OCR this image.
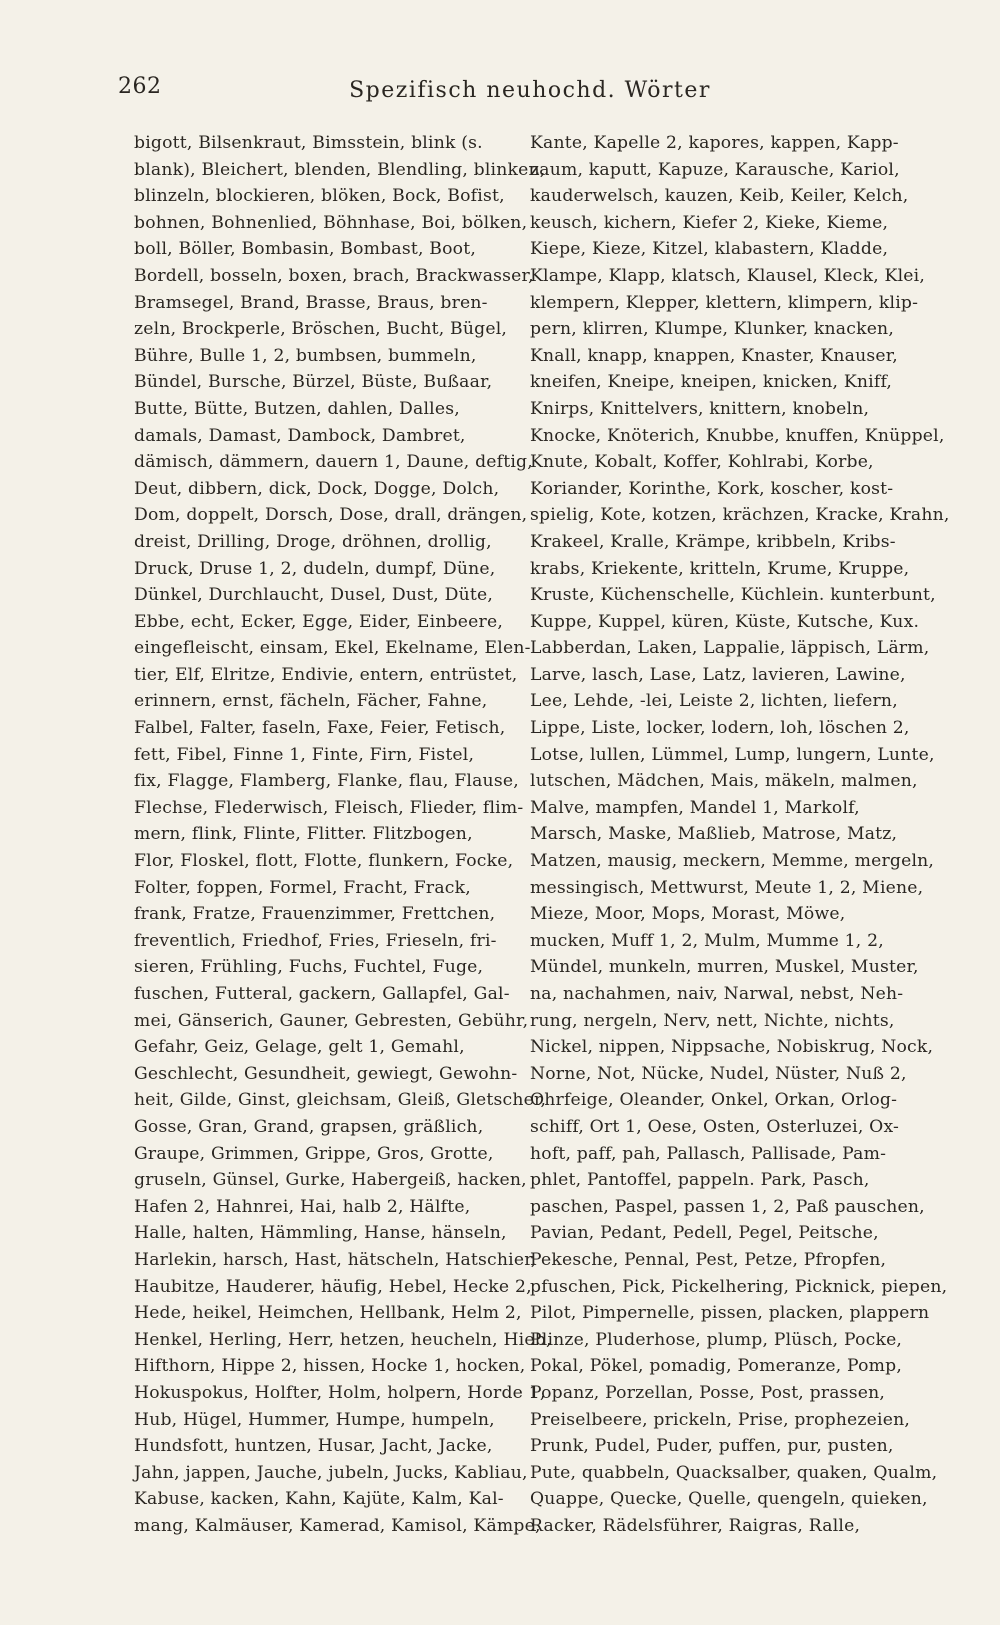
262	Spezifisch neuhochd. Wörter
bigott, Bilsenkraut, Bimsstein, blink (s.
blank), Bleichert, blenden, Blendling, blinken,
blinzeln, blockieren, blöken, Bock, Bofist,
bohnen, Bohnenlied, Böhnhase, Boi, bölken,
boll, Böller, Bombasin, Bombast, Boot,
Bordell, bosseln, boxen, brach, Brackwasser,
Bramsegel, Brand, Brasse, Braus, bren-
zeln, Brockperle, Bröschen, Bucht, Bügel,
Bühre, Bulle 1, 2, bumbsen, bummeln,
Bündel, Bursche, Bürzel, Büste, Bußaar,
Butte, Bütte, Butzen, dahlen, Dalles,
damals, Damast, Dambock, Dambret,
dämisch, dämmern, dauern 1, Daune, deftig,
Deut, dibbern, dick, Dock, Dogge, Dolch,
Dom, doppelt, Dorsch, Dose, drall, drängen,
dreist, Drilling, Droge, dröhnen, drollig,
Druck, Druse 1, 2, dudeln, dumpf, Düne,
Dünkel, Durchlaucht, Dusel, Dust, Düte,
Ebbe, echt, Ecker, Egge, Eider, Einbeere,
eingefleischt, einsam, Ekel, Ekelname, Elen-
tier, Elf, Elritze, Endivie, entern, entrüstet,
erinnern, ernst, fächeln, Fächer, Fahne,
Falbel, Falter, faseln, Faxe, Feier, Fetisch,
fett, Fibel, Finne 1, Finte, Firn, Fistel,
fix, Flagge, Flamberg, Flanke, flau, Flause,
Flechse, Flederwisch, Fleisch, Flieder, flim-
mern, flink, Flinte, Flitter. Flitzbogen,
Flor, Floskel, flott, Flotte, flunkern, Focke,
Folter, foppen, Formel, Fracht, Frack,
frank, Fratze, Frauenzimmer, Frettchen,
freventlich, Friedhof, Fries, Frieseln, fri-
sieren, Frühling, Fuchs, Fuchtel, Fuge,
fuschen, Futteral, gackern, Gallapfel, Gal-
mei, Gänserich, Gauner, Gebresten, Gebühr,
Gefahr, Geiz, Gelage, gelt 1, Gemahl,
Geschlecht, Gesundheit, gewiegt, Gewohn-
heit, Gilde, Ginst, gleichsam, Gleiß, Gletscher,
Gosse, Gran, Grand, grapsen, gräßlich,
Graupe, Grimmen, Grippe, Gros, Grotte,
gruseln, Günsel, Gurke, Habergeiß, hacken,
Hafen 2, Hahnrei, Hai, halb 2, Hälfte,
Halle, halten, Hämmling, Hanse, hänseln,
Harlekin, harsch, Hast, hätscheln, Hatschier,
Haubitze, Hauderer, häufig, Hebel, Hecke 2,
Hede, heikel, Heimchen, Hellbank, Helm 2,
Henkel, Herling, Herr, hetzen, heucheln, Hieb,
Hifthorn, Hippe 2, hissen, Hocke 1, hocken,
Hokuspokus, Holfter, Holm, holpern, Horde 1,
Hub, Hügel, Hummer, Humpe, humpeln,
Hundsfott, huntzen, Husar, Jacht, Jacke,
Jahn, jappen, Jauche, jubeln, Jucks, Kabliau,
Kabuse, kacken, Kahn, Kajüte, Kalm, Kal-
mang, Kalmäuser, Kamerad, Kamisol, Kämpe,
Kante, Kapelle 2, kapores, kappen, Kapp-
zaum, kaputt, Kapuze, Karausche, Kariol,
kauderwelsch, kauzen, Keib, Keiler, Kelch,
keusch, kichern, Kiefer 2, Kieke, Kieme,
Kiepe, Kieze, Kitzel, klabastern, Kladde,
Klampe, Klapp, klatsch, Klausel, Kleck, Klei,
klempern, Klepper, klettern, klimpern, klip-
pern, klirren, Klumpe, Klunker, knacken,
Knall, knapp, knappen, Knaster, Knauser,
kneifen, Kneipe, kneipen, knicken, Kniff,
Knirps, Knittelvers, knittern, knobeln,
Knocke, Knöterich, Knubbe, knuffen, Knüppel,
Knute, Kobalt, Koffer, Kohlrabi, Korbe,
Koriander, Korinthe, Kork, koscher, kost-
spielig, Kote, kotzen, krächzen, Kracke, Krahn,
Krakeel, Kralle, Krämpe, kribbeln, Kribs-
krabs, Kriekente, kritteln, Krume, Kruppe,
Kruste, Küchenschelle, Küchlein. kunterbunt,
Kuppe, Kuppel, küren, Küste, Kutsche, Kux.
Labberdan, Laken, Lappalie, läppisch, Lärm,
Larve, lasch, Lase, Latz, lavieren, Lawine,
Lee, Lehde, -lei, Leiste 2, lichten, liefern,
Lippe, Liste, locker, lodern, loh, löschen 2,
Lotse, lullen, Lümmel, Lump, lungern, Lunte,
lutschen, Mädchen, Mais, mäkeln, malmen,
Malve, mampfen, Mandel 1, Markolf,
Marsch, Maske, Maßlieb, Matrose, Matz,
Matzen, mausig, meckern, Memme, mergeln,
messingisch, Mettwurst, Meute 1, 2, Miene,
Mieze, Moor, Mops, Morast, Möwe,
mucken, Muff 1, 2, Mulm, Mumme 1, 2,
Mündel, munkeln, murren, Muskel, Muster,
na, nachahmen, naiv, Narwal, nebst, Neh-
rung, nergeln, Nerv, nett, Nichte, nichts,
Nickel, nippen, Nippsache, Nobiskrug, Nock,
Norne, Not, Nücke, Nudel, Nüster, Nuß 2,
Ohrfeige, Oleander, Onkel, Orkan, Orlog-
schiff, Ort 1, Oese, Osten, Osterluzei, Ox-
hoft, paff, pah, Pallasch, Pallisade, Pam-
phlet, Pantoffel, pappeln. Park, Pasch,
paschen, Paspel, passen 1, 2, Paß pauschen,
Pavian, Pedant, Pedell, Pegel, Peitsche,
Pekesche, Pennal, Pest, Petze, Pfropfen,
pfuschen, Pick, Pickelhering, Picknick, piepen,
Pilot, Pimpernelle, pissen, placken, plappern
Plinze, Pluderhose, plump, Plüsch, Pocke,
Pokal, Pökel, pomadig, Pomeranze, Pomp,
Popanz, Porzellan, Posse, Post, prassen,
Preiselbeere, prickeln, Prise, prophezeien,
Prunk, Pudel, Puder, puffen, pur, pusten,
Pute, quabbeln, Quacksalber, quaken, Qualm,
Quappe, Quecke, Quelle, quengeln, quieken,
Racker, Rädelsführer, Raigras, Ralle,
